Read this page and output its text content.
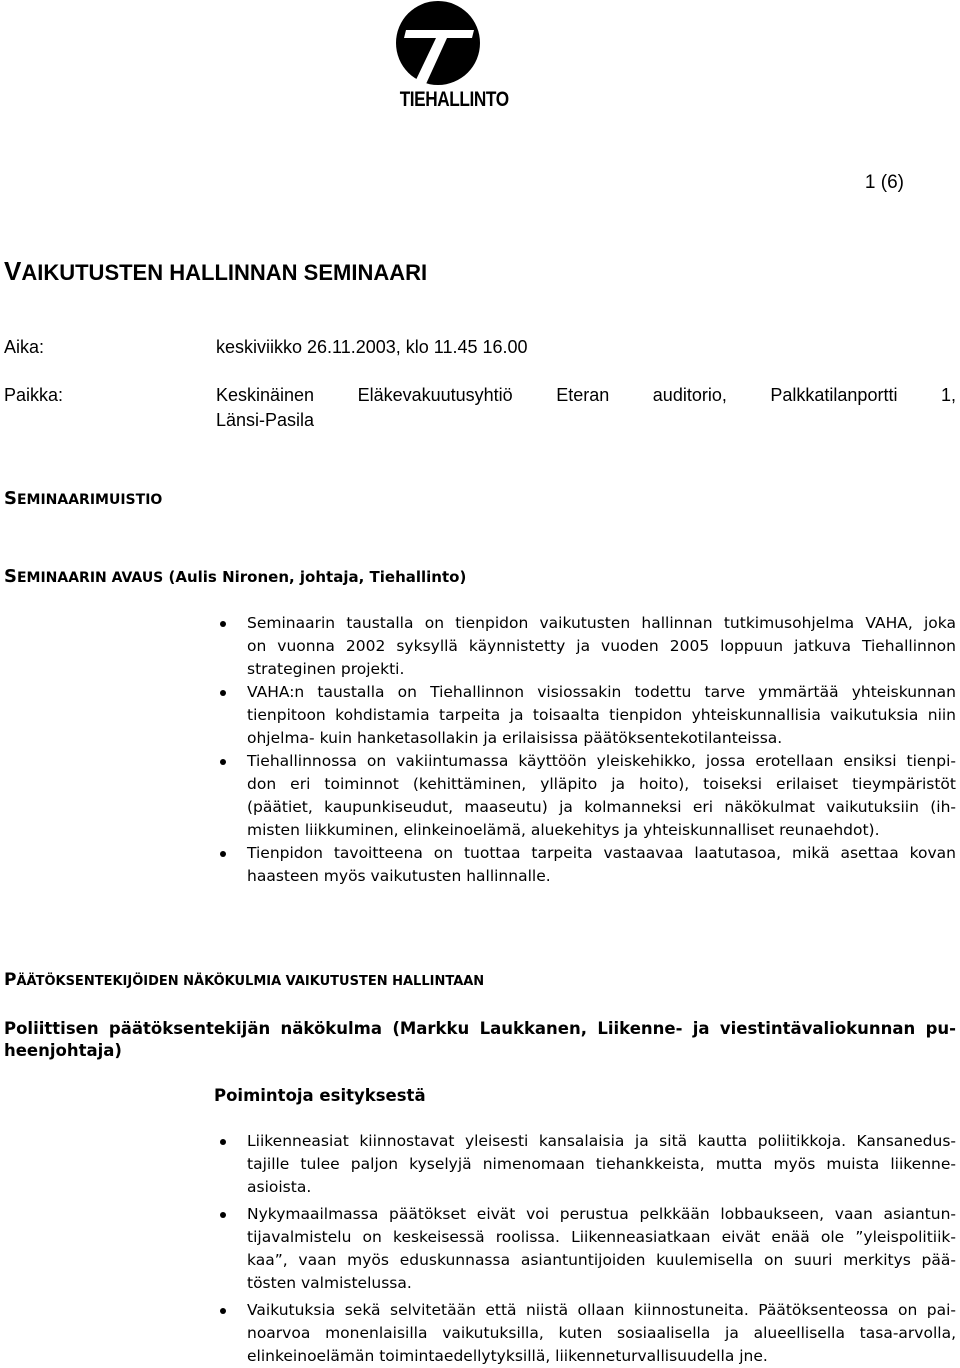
TIEHALLINTO
1 (6)
VAIKUTUSTEN HALLINNAN SEMINAARI
Aika:	keskiviikko 26.11.2003, klo 11.45 16.00
Paikka:	Keskinäinen Eläkevakuutusyhtiö Eteran auditorio, Palkkatilanportti 1,
Länsi-Pasila
SEMINAARIMUISTIO
SEMINAARIN AVAUS (Aulis Nironen, johtaja, Tiehallinto)
Seminaarin taustalla on tienpidon vaikutusten hallinnan tutkimusohjelma VAHA, joka
on vuonna 2002 syksyllä käynnistetty ja vuoden 2005 loppuun jatkuva Tiehallinnon
strateginen projekti.
VAHA:n taustalla on Tiehallinnon visiossakin todettu tarve ymmärtää yhteiskunnan
tienpitoon kohdistamia tarpeita ja toisaalta tienpidon yhteiskunnallisia vaikutuksia niin
ohjelma- kuin hanketasollakin ja erilaisissa päätöksentekotilanteissa.
Tiehallinnossa on vakiintumassa käyttöön yleiskehikko, jossa erotellaan ensiksi tienpi-
don eri toiminnot (kehittäminen, ylläpito ja hoito), toiseksi erilaiset tieympäristöt
(päätiet, kaupunkiseudut, maaseutu) ja kolmanneksi eri näkökulmat vaikutuksiin (ih-
misten liikkuminen, elinkeinoelämä, aluekehitys ja yhteiskunnalliset reunaehdot).
Tienpidon tavoitteena on tuottaa tarpeita vastaavaa laatutasoa, mikä asettaa kovan
haasteen myös vaikutusten hallinnalle.
PÄÄTÖKSENTEKIJÖIDEN NÄKÖKULMIA VAIKUTUSTEN HALLINTAAN
Poliittisen päätöksentekijän näkökulma (Markku Laukkanen, Liikenne- ja viestintävaliokunnan pu-
heenjohtaja)
Poimintoja esityksestä
Liikenneasiat kiinnostavat yleisesti kansalaisia ja sitä kautta poliitikkoja. Kansanedus-
tajille tulee paljon kyselyjä nimenomaan tiehankkeista, mutta myös muista liikenne-
asioista.
Nykymaailmassa päätökset eivät voi perustua pelkkään lobbaukseen, vaan asiantun-
tijavalmistelu on keskeisessä roolissa. Liikenneasiatkaan eivät enää ole ”yleispolitiik-
kaa”, vaan myös eduskunnassa asiantuntijoiden kuulemisella on suuri merkitys pää-
tösten valmistelussa.
Vaikutuksia sekä selvitetään että niistä ollaan kiinnostuneita. Päätöksenteossa on pai-
noarvoa monenlaisilla vaikutuksilla, kuten sosiaalisella ja alueellisella tasa-arvolla,
elinkeinoelämän toimintaedellytyksillä, liikenneturvallisuudella jne.
